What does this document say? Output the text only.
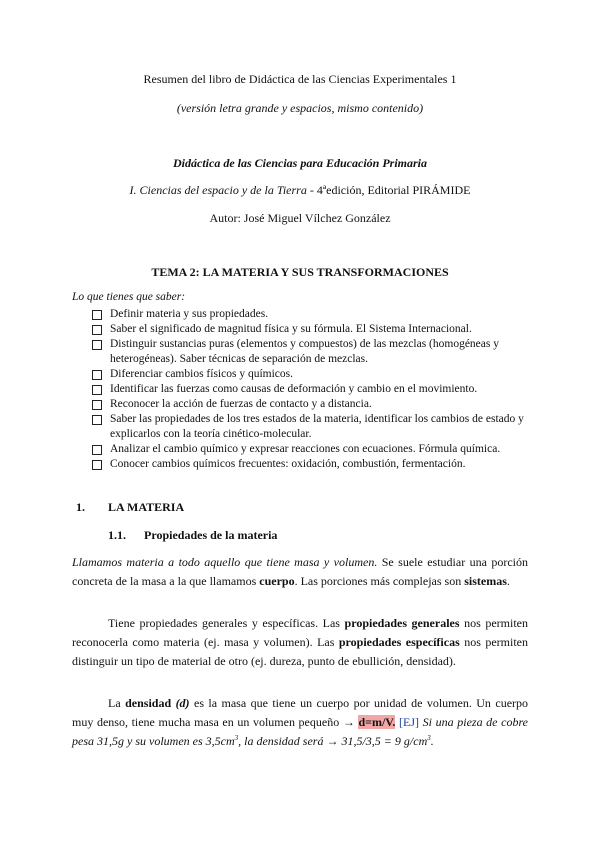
Resumen del libro de Didáctica de las Ciencias Experimentales 1
(versión letra grande y espacios, mismo contenido)
Didáctica de las Ciencias para Educación Primaria
I. Ciencias del espacio y de la Tierra - 4ªedición, Editorial PIRÁMIDE
Autor: José Miguel Vílchez González
TEMA 2: LA MATERIA Y SUS TRANSFORMACIONES
Lo que tienes que saber:
Definir materia y sus propiedades.
Saber el significado de magnitud física y su fórmula. El Sistema Internacional.
Distinguir sustancias puras (elementos y compuestos) de las mezclas (homogéneas y heterogéneas). Saber técnicas de separación de mezclas.
Diferenciar cambios físicos y químicos.
Identificar las fuerzas como causas de deformación y cambio en el movimiento.
Reconocer la acción de fuerzas de contacto y a distancia.
Saber las propiedades de los tres estados de la materia, identificar los cambios de estado y explicarlos con la teoría cinético-molecular.
Analizar el cambio químico y expresar reacciones con ecuaciones. Fórmula química.
Conocer cambios químicos frecuentes: oxidación, combustión, fermentación.
1. LA MATERIA
1.1. Propiedades de la materia
Llamamos materia a todo aquello que tiene masa y volumen. Se suele estudiar una porción concreta de la masa a la que llamamos cuerpo. Las porciones más complejas son sistemas.
Tiene propiedades generales y específicas. Las propiedades generales nos permiten reconocerla como materia (ej. masa y volumen). Las propiedades específicas nos permiten distinguir un tipo de material de otro (ej. dureza, punto de ebullición, densidad).
La densidad (d) es la masa que tiene un cuerpo por unidad de volumen. Un cuerpo muy denso, tiene mucha masa en un volumen pequeño → d=m/V. [EJ] Si una pieza de cobre pesa 31,5g y su volumen es $3,5cm^3$, la densidad será → 31,5/3,5 = 9 $g/cm^3$.
